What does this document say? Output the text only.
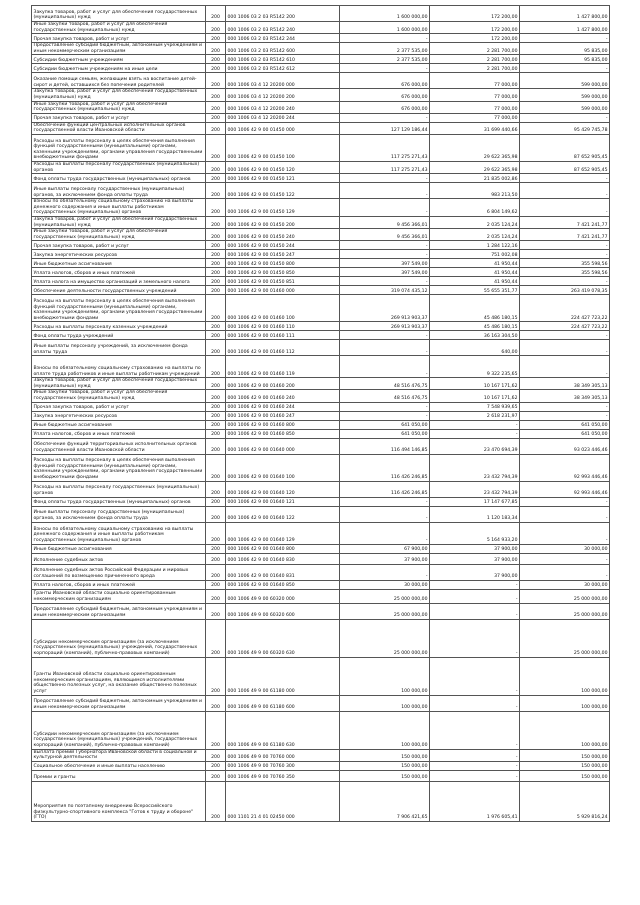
Закупка товаров, работ и услуг для обеспечения государственных (муниципальных) нужд	200	000 1006 03 2 03 R5142 200	1 600 000,00	172 200,00	1 427 800,00
Иные закупки товаров, работ и услуг для обеспечения государственных (муниципальных) нужд	200	000 1006 03 2 03 R5142 240	1 600 000,00	172 200,00	1 427 800,00
Прочая закупка товаров, работ и услуг	200	000 1006 03 2 03 R5142 244	-	172 200,00	-
Предоставление субсидий бюджетным, автономным учреждениям и иным некоммерческим организациям	200	000 1006 03 2 03 R5142 600	2 377 535,00	2 281 700,00	95 835,00
Субсидии бюджетным учреждениям	200	000 1006 03 2 03 R5142 610	2 377 535,00	2 281 700,00	95 835,00
Субсидии бюджетным учреждениям на иные цели	200	000 1006 03 2 03 R5142 612	-	2 281 700,00	-
Оказание помощи семьям, желающим взять на воспитание детей-сирот и детей, оставшихся без попечения родителей	200	000 1006 03 4 12 20200 000	676 000,00	77 000,00	599 000,00
Закупка товаров, работ и услуг для обеспечения государственных (муниципальных) нужд	200	000 1006 03 4 12 20200 200	676 000,00	77 000,00	599 000,00
Иные закупки товаров, работ и услуг для обеспечения государственных (муниципальных) нужд	200	000 1006 03 4 12 20200 240	676 000,00	77 000,00	599 000,00
Прочая закупка товаров, работ и услуг	200	000 1006 03 4 12 20200 244	-	77 000,00	-
Обеспечение функций центральных исполнительных органов государственной власти Ивановской области	200	000 1006 42 9 00 01450 000	127 129 186,44	31 699 440,66	95 429 745,78
Расходы на выплаты персоналу в целях обеспечения выполнения функций государственными (муниципальными) органами, казенными учреждениями, органами управления государственными внебюджетными фондами	200	000 1006 42 9 00 01450 100	117 275 271,43	29 622 365,98	87 652 905,45
Расходы на выплаты персоналу государственных (муниципальных) органов	200	000 1006 42 9 00 01450 120	117 275 271,43	29 622 365,98	87 652 905,45
Фонд оплаты труда государственных (муниципальных) органов	200	000 1006 42 9 00 01450 121	-	21 835 002,86	-
Иные выплаты персоналу государственных (муниципальных) органов, за исключением фонда оплаты труда	200	000 1006 42 9 00 01450 122	-	983 213,50	-
Взносы по обязательному социальному страхованию на выплаты денежного содержания и иные выплаты работникам государственных (муниципальных) органов	200	000 1006 42 9 00 01450 129	-	6 804 149,62	-
Закупка товаров, работ и услуг для обеспечения государственных (муниципальных) нужд	200	000 1006 42 9 00 01450 200	9 456 366,01	2 035 124,24	7 421 241,77
Иные закупки товаров, работ и услуг для обеспечения государственных (муниципальных) нужд	200	000 1006 42 9 00 01450 240	9 456 366,01	2 035 124,24	7 421 241,77
Прочая закупка товаров, работ и услуг	200	000 1006 42 9 00 01450 244	-	1 284 122,16	-
Закупка энергетических ресурсов	200	000 1006 42 9 00 01450 247	-	751 002,08	-
Иные бюджетные ассигнования	200	000 1006 42 9 00 01450 800	397 549,00	41 950,44	355 598,56
Уплата налогов, сборов и иных платежей	200	000 1006 42 9 00 01450 850	397 549,00	41 950,44	355 598,56
Уплата налога на имущество организаций и земельного налога	200	000 1006 42 9 00 01450 851	-	41 950,44	-
Обеспечение деятельности государственных учреждений	200	000 1006 42 9 00 01460 000	319 074 435,12	55 655 351,77	263 419 078,35
Расходы на выплаты персоналу в целях обеспечения выполнения функций государственными (муниципальными) органами, казенными учреждениями, органами управления государственными внебюджетными фондами	200	000 1006 42 9 00 01460 100	269 913 903,37	45 486 180,15	224 427 723,22
Расходы на выплаты персоналу казенных учреждений	200	000 1006 42 9 00 01460 110	269 913 903,37	45 486 180,15	224 427 723,22
Фонд оплаты труда учреждений	200	000 1006 42 9 00 01460 111	-	36 163 304,50	-
Иные выплаты персоналу учреждений, за исключением фонда оплаты труда	200	000 1006 42 9 00 01460 112	-	640,00	-
Взносы по обязательному социальному страхованию на выплаты по оплате труда работников и иные выплаты работникам учреждений	200	000 1006 42 9 00 01460 119	-	9 322 235,65	-
Закупка товаров, работ и услуг для обеспечения государственных (муниципальных) нужд	200	000 1006 42 9 00 01460 200	48 516 476,75	10 167 171,62	38 349 305,13
Иные закупки товаров, работ и услуг для обеспечения государственных (муниципальных) нужд	200	000 1006 42 9 00 01460 240	48 516 476,75	10 167 171,62	38 349 305,13
Прочая закупка товаров, работ и услуг	200	000 1006 42 9 00 01460 244	-	7 548 939,65	-
Закупка энергетических ресурсов	200	000 1006 42 9 00 01460 247	-	2 618 231,97	-
Иные бюджетные ассигнования	200	000 1006 42 9 00 01460 800	641 050,00	-	641 050,00
Уплата налогов, сборов и иных платежей	200	000 1006 42 9 00 01460 850	641 050,00	-	641 050,00
Обеспечение функций территориальных исполнительных органов государственной власти Ивановской области	200	000 1006 42 9 00 01640 000	116 494 146,85	23 470 694,39	93 023 446,46
Расходы на выплаты персоналу в целях обеспечения выполнения функций государственными (муниципальными) органами, казенными учреждениями, органами управления государственными внебюджетными фондами	200	000 1006 42 9 00 01640 100	116 426 246,85	23 432 794,39	92 993 446,46
Расходы на выплаты персоналу государственных (муниципальных) органов	200	000 1006 42 9 00 01640 120	116 426 246,85	23 432 794,39	92 993 446,46
Фонд оплаты труда государственных (муниципальных) органов	200	000 1006 42 9 00 01640 121	-	17 147 677,85	-
Иные выплаты персоналу государственных (муниципальных) органов, за исключением фонда оплаты труда	200	000 1006 42 9 00 01640 122	-	1 120 183,34	-
Взносы по обязательному социальному страхованию на выплаты денежного содержания и иные выплаты работникам государственных (муниципальных) органов	200	000 1006 42 9 00 01640 129	-	5 164 933,20	-
Иные бюджетные ассигнования	200	000 1006 42 9 00 01640 800	67 900,00	37 900,00	30 000,00
Исполнение судебных актов	200	000 1006 42 9 00 01640 830	37 900,00	37 900,00	-
Исполнение судебных актов Российской Федерации и мировых соглашений по возмещению причиненного вреда	200	000 1006 42 9 00 01640 831	-	37 900,00	-
Уплата налогов, сборов и иных платежей	200	000 1006 42 9 00 01640 850	30 000,00	-	30 000,00
Гранты Ивановской области социально ориентированным некоммерческим организациям	200	000 1006 49 9 00 60320 000	25 000 000,00	-	25 000 000,00
Предоставление субсидий бюджетным, автономным учреждениям и иным некоммерческим организациям	200	000 1006 49 9 00 60320 600	25 000 000,00	-	25 000 000,00
Субсидии некоммерческим организациям (за исключением государственных (муниципальных) учреждений, государственных корпораций (компаний), публично-правовых компаний)	200	000 1006 49 9 00 60320 630	25 000 000,00	-	25 000 000,00
Гранты Ивановской области социально ориентированным некоммерческим организациям, являющимся исполнителями общественно полезных услуг, на оказание общественно полезных услуг	200	000 1006 49 9 00 61180 000	100 000,00	-	100 000,00
Предоставление субсидий бюджетным, автономным учреждениям и иным некоммерческим организациям	200	000 1006 49 9 00 61180 600	100 000,00	-	100 000,00
Субсидии некоммерческим организациям (за исключением государственных (муниципальных) учреждений, государственных корпораций (компаний), публично-правовых компаний)	200	000 1006 49 9 00 61180 630	100 000,00	-	100 000,00
Выплата премий Губернатора Ивановской области в социальной и культурной деятельности	200	000 1006 49 9 00 70760 000	150 000,00	-	150 000,00
Социальное обеспечение и иные выплаты населению	200	000 1006 49 9 00 70760 300	150 000,00	-	150 000,00
Премии и гранты	200	000 1006 49 9 00 70760 350	150 000,00	-	150 000,00
Мероприятия по поэтапному внедрению Всероссийского физкультурно-спортивного комплекса "Готов к труду и обороне" (ГТО)	200	000 1101 21 4 01 02450 000	7 906 421,65	1 976 605,41	5 929 816,24
